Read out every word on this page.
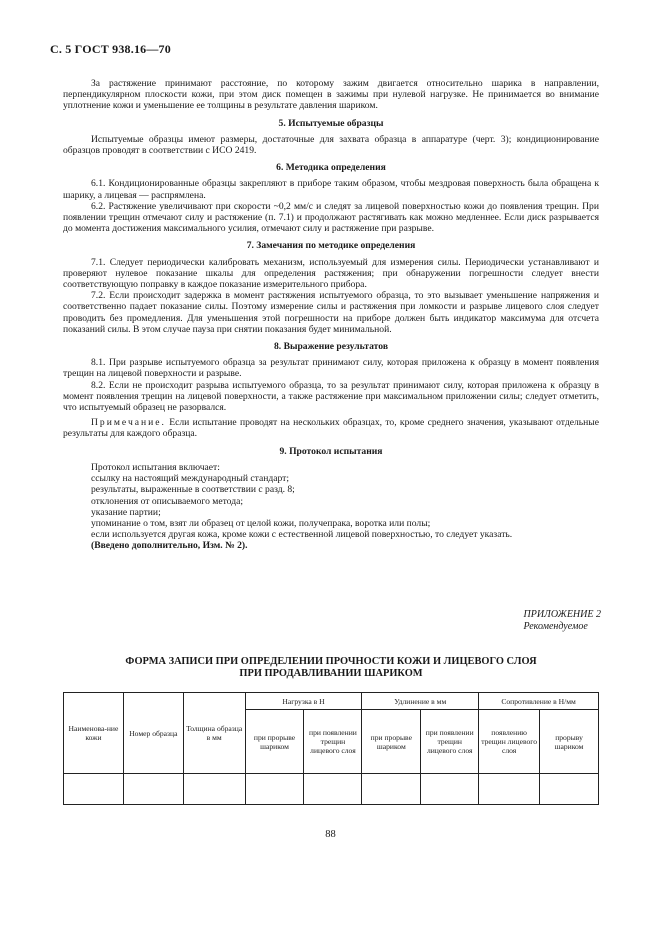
С. 5 ГОСТ 938.16—70

За растяжение принимают расстояние, по которому зажим двигается относительно шарика в направлении, перпендикулярном плоскости кожи, при этом диск помещен в зажимы при нулевой нагрузке. Не принимается во внимание уплотнение кожи и уменьшение ее толщины в результате давления шариком.

5. Испытуемые образцы

Испытуемые образцы имеют размеры, достаточные для захвата образца в аппаратуре (черт. 3); кондиционирование образцов проводят в соответствии с ИСО 2419.

6. Методика определения

6.1. Кондиционированные образцы закрепляют в приборе таким образом, чтобы мездровая поверхность была обращена к шарику, а лицевая — распрямлена.

6.2. Растяжение увеличивают при скорости ~0,2 мм/с и следят за лицевой поверхностью кожи до появления трещин. При появлении трещин отмечают силу и растяжение (п. 7.1) и продолжают растягивать как можно медленнее. Если диск разрывается до момента достижения максимального усилия, отмечают силу и растяжение при разрыве.

7. Замечания по методике определения

7.1. Следует периодически калибровать механизм, используемый для измерения силы. Периодически устанавливают и проверяют нулевое показание шкалы для определения растяжения; при обнаружении погрешности следует внести соответствующую поправку в каждое показание измерительного прибора.

7.2. Если происходит задержка в момент растяжения испытуемого образца, то это вызывает уменьшение напряжения и соответственно падает показание силы. Поэтому измерение силы и растяжения при ломкости и разрыве лицевого слоя следует проводить без промедления. Для уменьшения этой погрешности на приборе должен быть индикатор максимума для отсчета показаний силы. В этом случае пауза при снятии показания будет минимальной.

8. Выражение результатов

8.1. При разрыве испытуемого образца за результат принимают силу, которая приложена к образцу в момент появления трещин на лицевой поверхности и разрыве.

8.2. Если не происходит разрыва испытуемого образца, то за результат принимают силу, которая приложена к образцу в момент появления трещин на лицевой поверхности, а также растяжение при максимальном приложении силы; следует отметить, что испытуемый образец не разорвался.

Примечание. Если испытание проводят на нескольких образцах, то, кроме среднего значения, указывают отдельные результаты для каждого образца.

9. Протокол испытания

Протокол испытания включает:

ссылку на настоящий международный стандарт;

результаты, выраженные в соответствии с разд. 8;

отклонения от описываемого метода;

указание партии;

упоминание о том, взят ли образец от целой кожи, получепрака, воротка или полы;

если используется другая кожа, кроме кожи с естественной лицевой поверхностью, то следует указать.

(Введено дополнительно, Изм. № 2).

ПРИЛОЖЕНИЕ 2
Рекомендуемое
ФОРМА ЗАПИСИ ПРИ ОПРЕДЕЛЕНИИ ПРОЧНОСТИ КОЖИ И ЛИЦЕВОГО СЛОЯ
ПРИ ПРОДАВЛИВАНИИ ШАРИКОМ
Наименова-ние кожи	Номер образца	Толщина образца в мм	Нагрузка в Н		Удлинение в мм		Сопротивление в Н/мм	
			при прорыве шариком	при появлении трещин лицевого слоя	при прорыве шариком	при появлении трещин лицевого слоя	появлению трещин лицевого слоя	прорыву шариком

88
